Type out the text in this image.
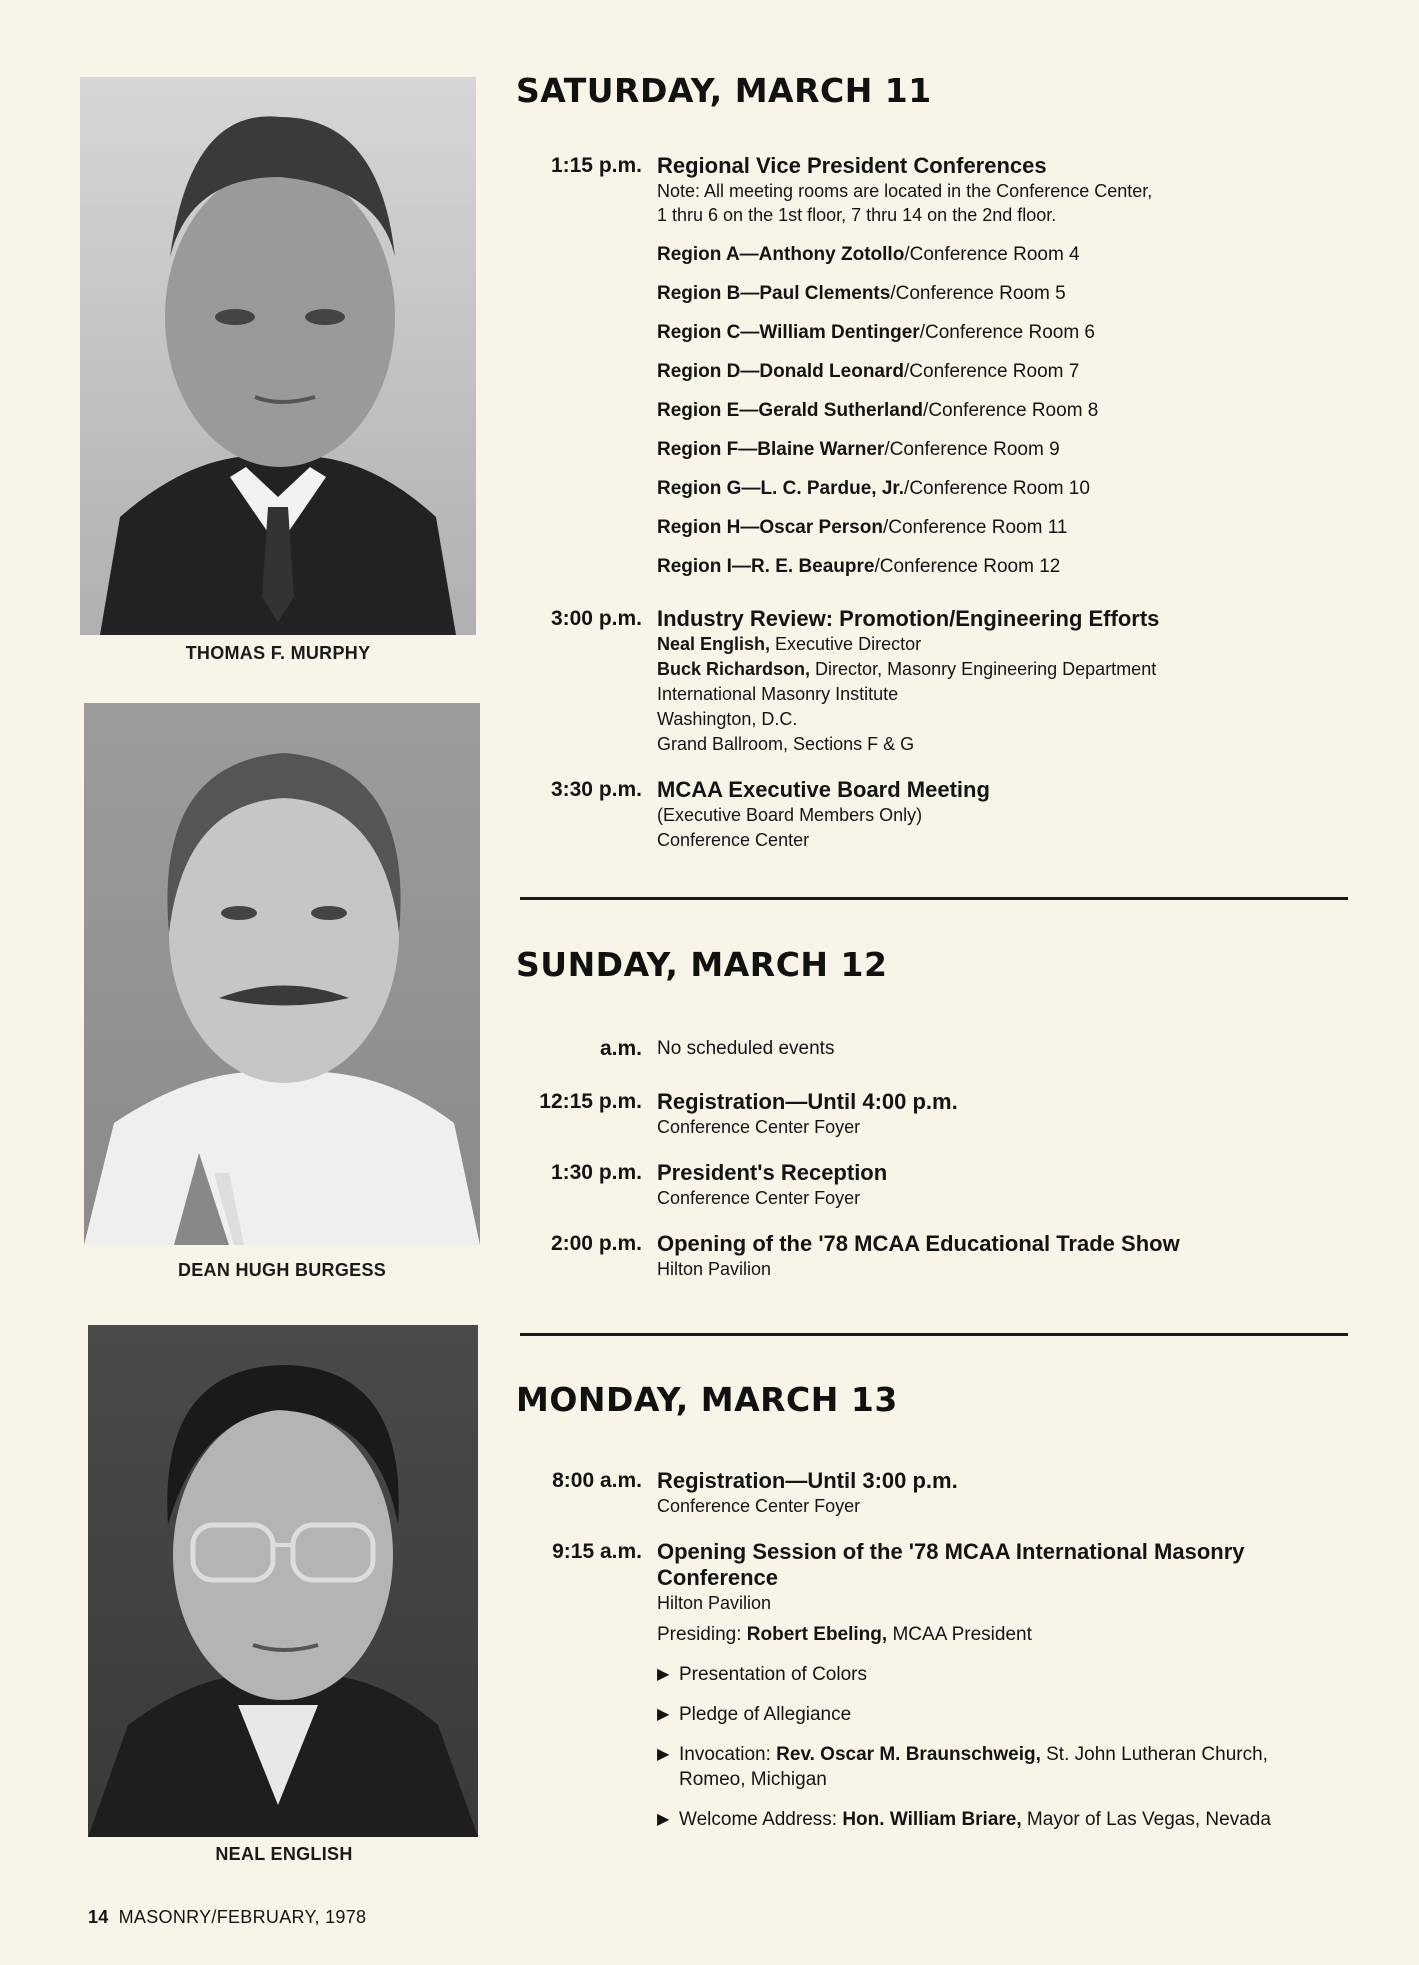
THOMAS F. MURPHY
DEAN HUGH BURGESS
NEAL ENGLISH
SATURDAY, MARCH 11
1:15 p.m. Regional Vice President Conferences
Note: All meeting rooms are located in the Conference Center,
1 thru 6 on the 1st floor, 7 thru 14 on the 2nd floor.
Region A—Anthony Zotollo/Conference Room 4
Region B—Paul Clements/Conference Room 5
Region C—William Dentinger/Conference Room 6
Region D—Donald Leonard/Conference Room 7
Region E—Gerald Sutherland/Conference Room 8
Region F—Blaine Warner/Conference Room 9
Region G—L. C. Pardue, Jr./Conference Room 10
Region H—Oscar Person/Conference Room 11
Region I—R. E. Beaupre/Conference Room 12
3:00 p.m. Industry Review: Promotion/Engineering Efforts
Neal English, Executive Director
Buck Richardson, Director, Masonry Engineering Department
International Masonry Institute
Washington, D.C.
Grand Ballroom, Sections F & G
3:30 p.m. MCAA Executive Board Meeting
(Executive Board Members Only)
Conference Center
SUNDAY, MARCH 12
a.m. No scheduled events
12:15 p.m. Registration—Until 4:00 p.m.
Conference Center Foyer
1:30 p.m. President's Reception
Conference Center Foyer
2:00 p.m. Opening of the '78 MCAA Educational Trade Show
Hilton Pavilion
MONDAY, MARCH 13
8:00 a.m. Registration—Until 3:00 p.m.
Conference Center Foyer
9:15 a.m. Opening Session of the '78 MCAA International Masonry
Conference
Hilton Pavilion
Presiding: Robert Ebeling, MCAA President
▶ Presentation of Colors
▶ Pledge of Allegiance
▶ Invocation: Rev. Oscar M. Braunschweig, St. John Lutheran Church, Romeo, Michigan
▶ Welcome Address: Hon. William Briare, Mayor of Las Vegas, Nevada
14 MASONRY/FEBRUARY, 1978
